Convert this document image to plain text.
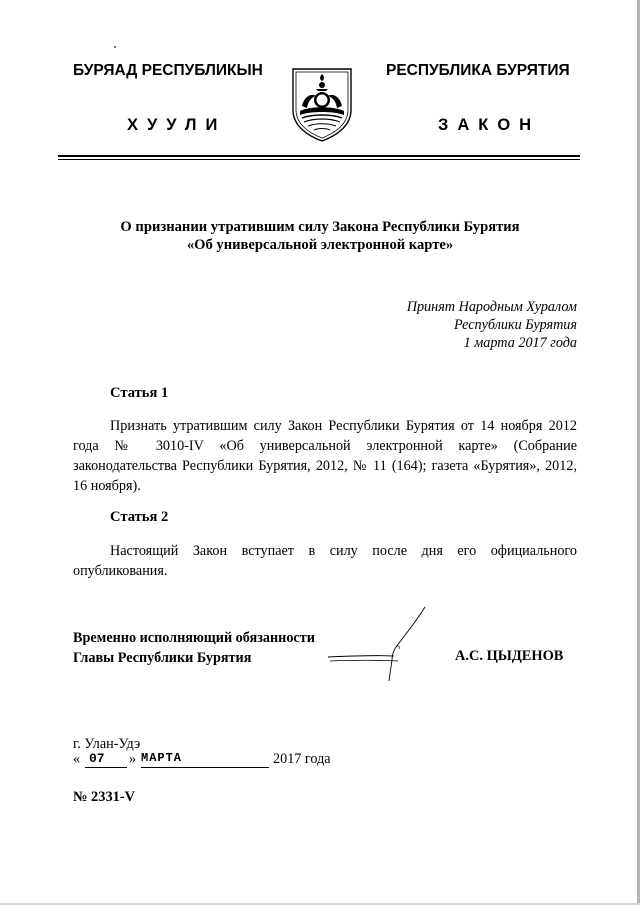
БУРЯАД РЕСПУБЛИКЫН	РЕСПУБЛИКА БУРЯТИЯ
ХУУЛИ	ЗАКОН
О признании утратившим силу Закона Республики Бурятия
«Об универсальной электронной карте»
Принят Народным Хуралом
Республики Бурятия
1 марта 2017 года
Статья 1
Признать утратившим силу Закон Республики Бурятия от 14 ноября 2012 года № 3010-IV «Об универсальной электронной карте» (Собрание законодательства Республики Бурятия, 2012, № 11 (164); газета «Бурятия», 2012, 16 ноября).
Статья 2
Настоящий Закон вступает в силу после дня его официального опубликования.
Временно исполняющий обязанности
Главы Республики Бурятия	А.С. ЦЫДЕНОВ
г. Улан-Удэ
« 07	» МАРТА	2017 года
№ 2331-V
